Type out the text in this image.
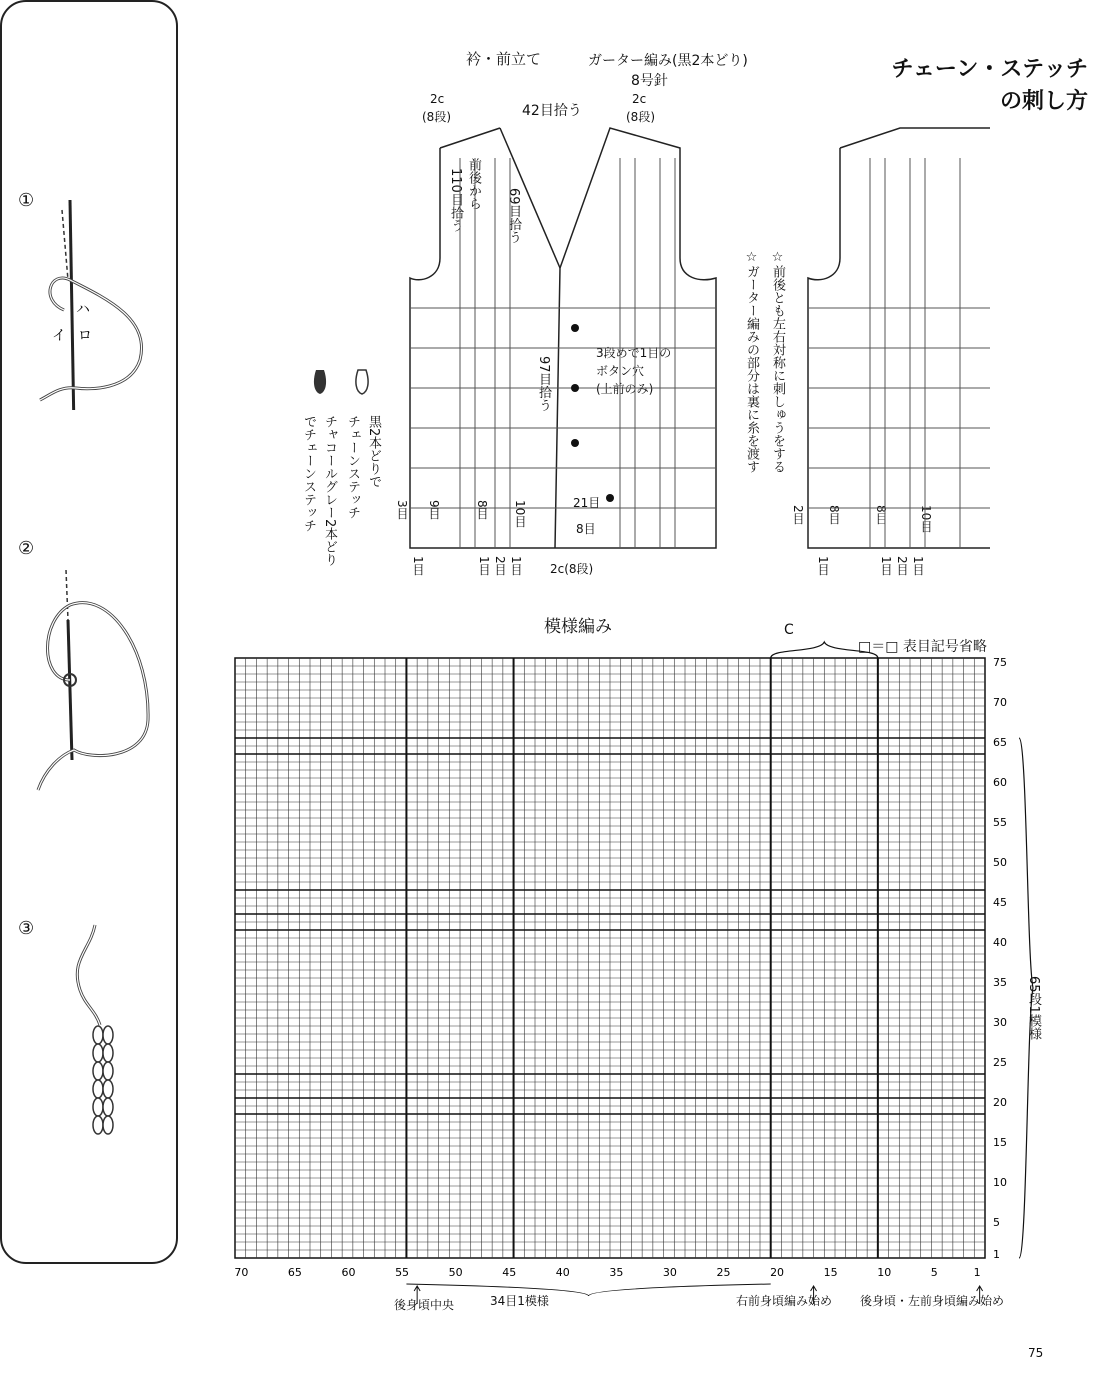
チェーン・ステッチ
の刺し方
①
②
③
イ ロ
ハ
衿・前立て	ガーター編み(黒2本どり)
8号針
2c
(8段)	42目拾う
2c
(8段)
110目拾う 前後から
69目拾う
97目拾う
3段めで1目の
ボタン穴
(上前のみ)
21目
8目
2c(8段)
3目 9目	8目 10目
1目	1目 2目 1目
2目 8目	8目	10目
1目	1目 2目 1目
黒2本どりで
チェーンステッチ
チャコールグレー2本どり
でチェーンステッチ
☆前後とも左右対称に刺しゅうをする
☆ガーター編みの部分は裏に糸を渡す
模様編み
□＝□ 表目記号省略
C
75
70
65
60
55
50
45
40
35
30
25
20
15
10
5
1
70	65	60	55	50	45	40	35	30	25	20	15	10	5	1
65段1模様
後身頃中央	34目1模様	右前身頃編み始め 後身頃・左前身頃編み始め
75
